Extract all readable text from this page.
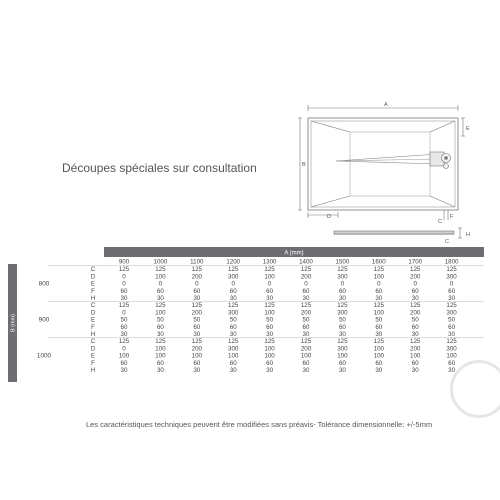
Découpes spéciales sur consultation
A
B
D
E
C
F
H
C
A (mm)
B (mm)
900	1000	1100	1200	1300	1400	1500	1600	1700	1800
800
C	125	125	125	125	125	125	125	125	125	125
D	0	100	200	300	100	200	300	100	200	300
E	0	0	0	0	0	0	0	0	0	0
F	60	60	60	60	60	60	60	60	60	60
H	30	30	30	30	30	30	30	30	30	30
900
C	125	125	125	125	125	125	125	125	125	125
D	0	100	200	300	100	200	300	100	200	300
E	50	50	50	50	50	50	50	50	50	50
F	60	60	60	60	60	60	60	60	60	60
H	30	30	30	30	30	30	30	30	30	30
1000
C	125	125	125	125	125	125	125	125	125	125
D	0	100	200	300	100	200	300	100	200	300
E	100	100	100	100	100	100	100	100	100	100
F	60	60	60	60	60	60	60	60	60	60
H	30	30	30	30	30	30	30	30	30	30
Les caractéristiques techniques peuvent être modifiées sans préavis- Tolérance dimensionnelle: +/-5mm
